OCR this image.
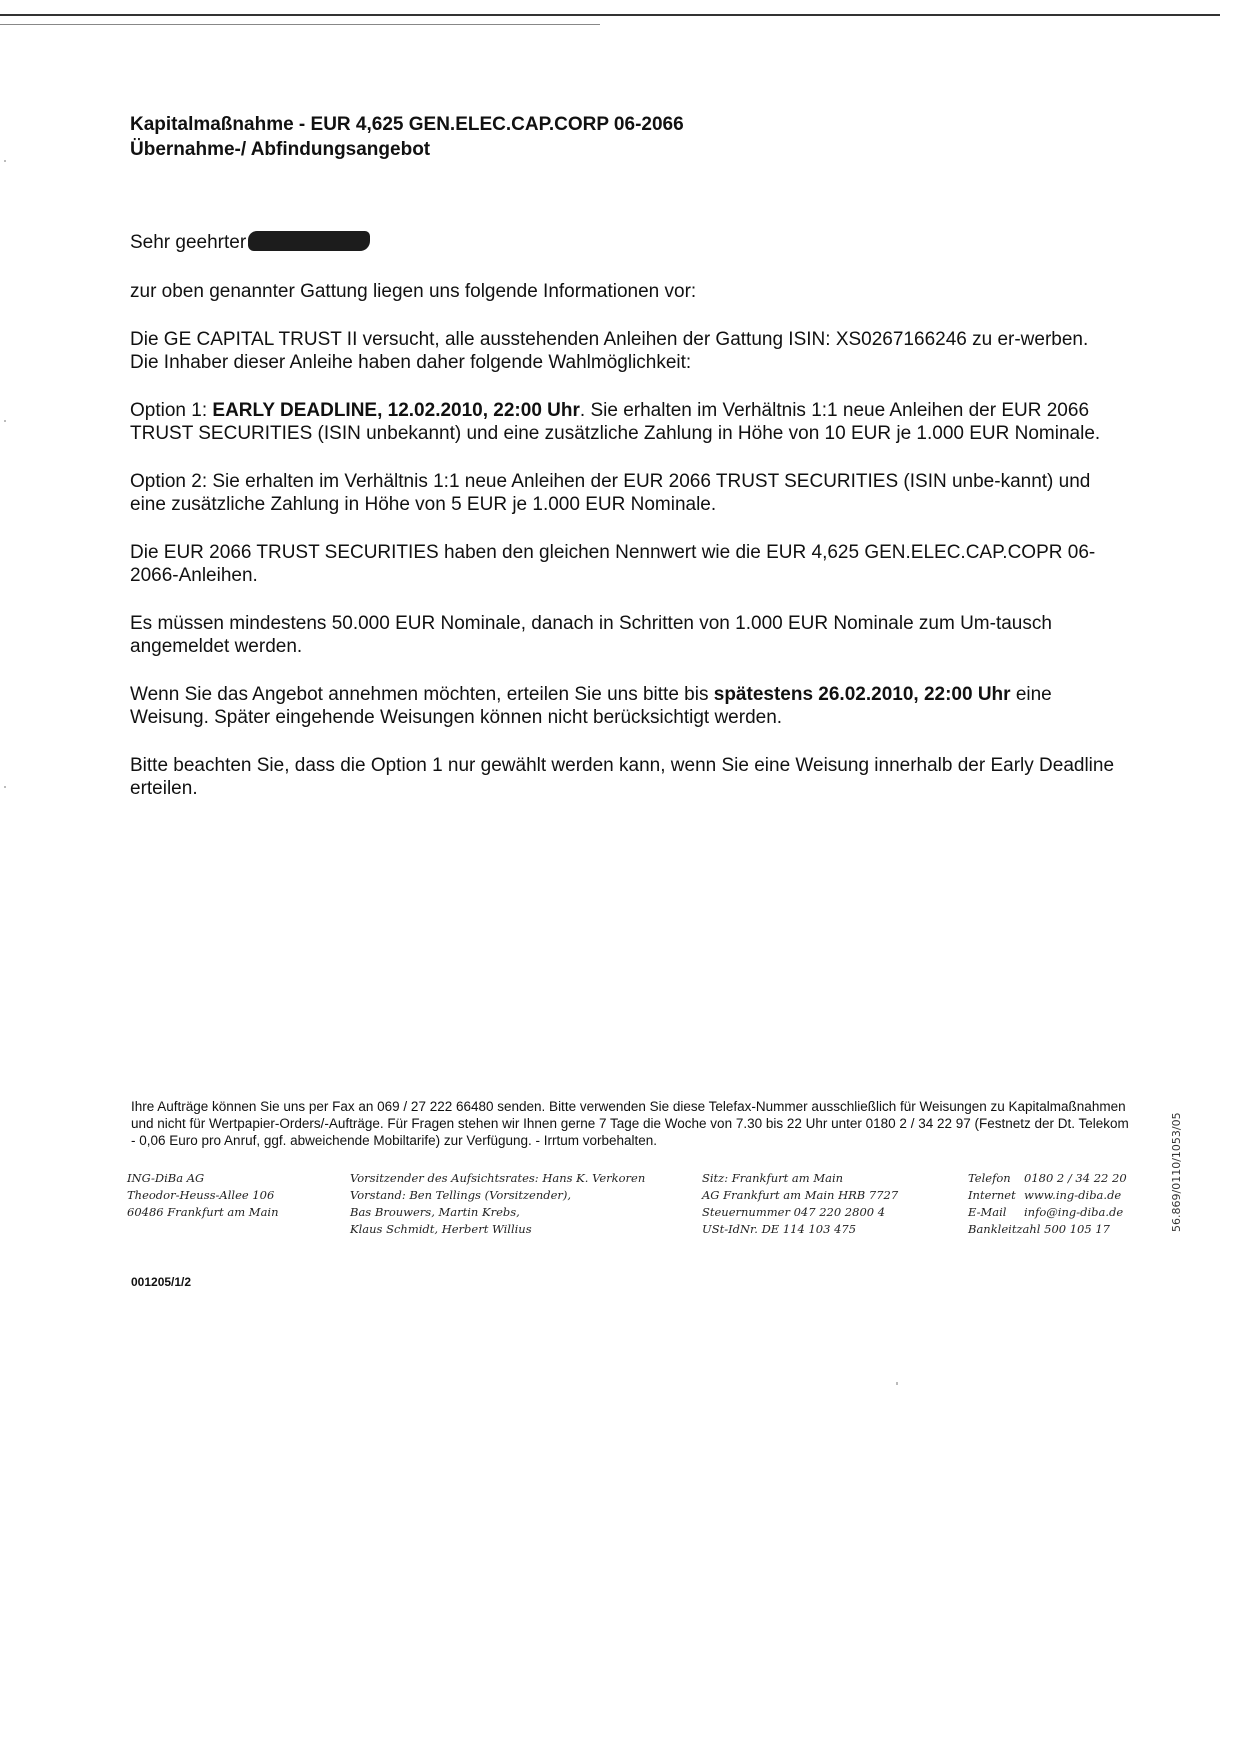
Kapitalmaßnahme - EUR 4,625 GEN.ELEC.CAP.CORP 06-2066
Übernahme-/ Abfindungsangebot
Sehr geehrter

zur oben genannter Gattung liegen uns folgende Informationen vor:

Die GE CAPITAL TRUST II versucht, alle ausstehenden Anleihen der Gattung ISIN: XS0267166246 zu er-werben. Die Inhaber dieser Anleihe haben daher folgende Wahlmöglichkeit:

Option 1: EARLY DEADLINE, 12.02.2010, 22:00 Uhr. Sie erhalten im Verhältnis 1:1 neue Anleihen der EUR 2066 TRUST SECURITIES (ISIN unbekannt) und eine zusätzliche Zahlung in Höhe von 10 EUR je 1.000 EUR Nominale.

Option 2: Sie erhalten im Verhältnis 1:1 neue Anleihen der EUR 2066 TRUST SECURITIES (ISIN unbe-kannt) und eine zusätzliche Zahlung in Höhe von 5 EUR je 1.000 EUR Nominale.

Die EUR 2066 TRUST SECURITIES haben den gleichen Nennwert wie die EUR 4,625 GEN.ELEC.CAP.COPR 06-2066-Anleihen.

Es müssen mindestens 50.000 EUR Nominale, danach in Schritten von 1.000 EUR Nominale zum Um-tausch angemeldet werden.

Wenn Sie das Angebot annehmen möchten, erteilen Sie uns bitte bis spätestens 26.02.2010, 22:00 Uhr eine Weisung. Später eingehende Weisungen können nicht berücksichtigt werden.

Bitte beachten Sie, dass die Option 1 nur gewählt werden kann, wenn Sie eine Weisung innerhalb der Early Deadline erteilen.

Ihre Aufträge können Sie uns per Fax an 069 / 27 222 66480 senden. Bitte verwenden Sie diese Telefax-Nummer ausschließlich für Weisungen zu Kapitalmaßnahmen und nicht für Wertpapier-Orders/-Aufträge. Für Fragen stehen wir Ihnen gerne 7 Tage die Woche von 7.30 bis 22 Uhr unter 0180 2 / 34 22 97 (Festnetz der Dt. Telekom - 0,06 Euro pro Anruf, ggf. abweichende Mobiltarife) zur Verfügung. - Irrtum vorbehalten.
ING-DiBa AG
Theodor-Heuss-Allee 106
60486 Frankfurt am Main
Vorsitzender des Aufsichtsrates: Hans K. Verkoren
Vorstand: Ben Tellings (Vorsitzender),
Bas Brouwers, Martin Krebs,
Klaus Schmidt, Herbert Willius
Sitz: Frankfurt am Main
AG Frankfurt am Main HRB 7727
Steuernummer 047 220 2800 4
USt-IdNr. DE 114 103 475
Telefon 0180 2 / 34 22 20
Internet www.ing-diba.de
E-Mail info@ing-diba.de
Bankleitzahl 500 105 17	56.869/0110/1053/05
001205/1/2
